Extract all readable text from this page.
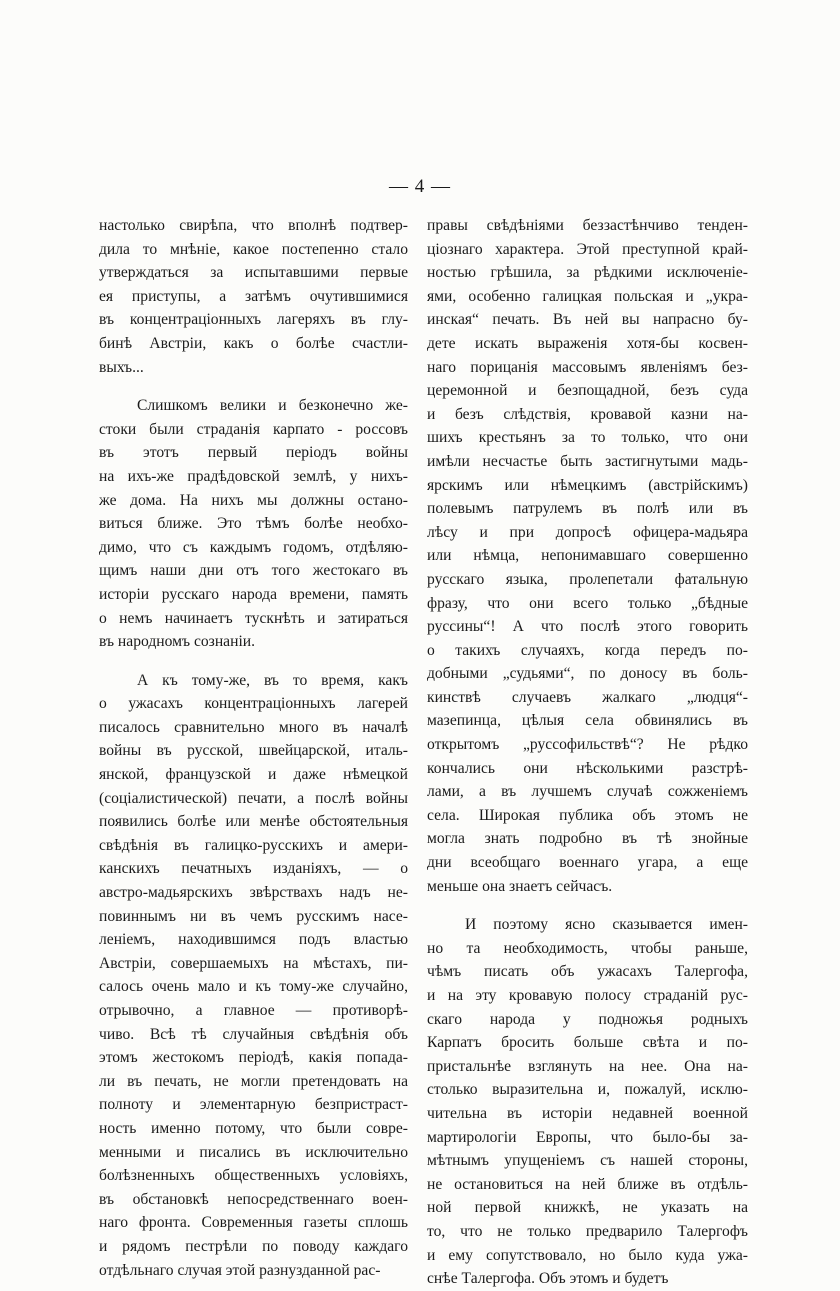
— 4 —
настолько свирѣпа, что вполнѣ подтвер-
дила то мнѣніе, какое постепенно стало
утверждаться за испытавшими первые
ея приступы, а затѣмъ очутившимися
въ концентраціонныхъ лагеряхъ въ глу-
бинѣ Австріи, какъ о болѣе счастли-
выхъ...
Слишкомъ велики и безконечно же-
стоки были страданія карпато - россовъ
въ этотъ первый періодъ войны
на ихъ-же прадѣдовской землѣ, у нихъ-
же дома. На нихъ мы должны остано-
виться ближе. Это тѣмъ болѣе необхо-
димо, что съ каждымъ годомъ, отдѣляю-
щимъ наши дни отъ того жестокаго въ
исторіи русскаго народа времени, память
о немъ начинаетъ тускнѣть и затираться
въ народномъ сознаніи.
А къ тому-же, въ то время, какъ
о ужасахъ концентраціонныхъ лагерей
писалось сравнительно много въ началѣ
войны въ русской, швейцарской, италь-
янской, французской и даже нѣмецкой
(соціалистической) печати, а послѣ войны
появились болѣе или менѣе обстоятельныя
свѣдѣнія въ галицко-русскихъ и амери-
канскихъ печатныхъ изданіяхъ, — о
австро-мадьярскихъ звѣрствахъ надъ не-
повиннымъ ни въ чемъ русскимъ насе-
леніемъ, находившимся подъ властью
Австріи, совершаемыхъ на мѣстахъ, пи-
салось очень мало и къ тому-же случайно,
отрывочно, а главное — противорѣ-
чиво. Всѣ тѣ случайныя свѣдѣнія объ
этомъ жестокомъ періодѣ, какія попада-
ли въ печать, не могли претендовать на
полноту и элементарную безпристраст-
ность именно потому, что были совре-
менными и писались въ исключительно
болѣзненныхъ общественныхъ условіяхъ,
въ обстановкѣ непосредственнаго воен-
наго фронта. Современныя газеты сплошь
и рядомъ пестрѣли по поводу каждаго
отдѣльнаго случая этой разнузданной рас-
правы свѣдѣніями беззастѣнчиво тенден-
ціознаго характера. Этой преступной край-
ностью грѣшила, за рѣдкими исключеніе-
ями, особенно галицкая польская и „укра-
инская“ печать. Въ ней вы напрасно бу-
дете искать выраженія хотя-бы косвен-
наго порицанія массовымъ явленіямъ без-
церемонной и безпощадной, безъ суда
и безъ слѣдствія, кровавой казни на-
шихъ крестьянъ за то только, что они
имѣли несчастье быть застигнутыми мадь-
ярскимъ или нѣмецкимъ (австрійскимъ)
полевымъ патрулемъ въ полѣ или въ
лѣсу и при допросѣ офицера-мадьяра
или нѣмца, непонимавшаго совершенно
русскаго языка, пролепетали фатальную
фразу, что они всего только „бѣдные
руссины“! А что послѣ этого говорить
о такихъ случаяхъ, когда передъ по-
добными „судьями“, по доносу въ боль-
кинствѣ случаевъ жалкаго „людця“-
мазепинца, цѣлыя села обвинялись въ
открытомъ „руссофильствѣ“? Не рѣдко
кончались они нѣсколькими разстрѣ-
лами, а въ лучшемъ случаѣ сожженіемъ
села. Широкая публика объ этомъ не
могла знать подробно въ тѣ знойные
дни всеобщаго военнаго угара, а еще
меньше она знаетъ сейчасъ.
И поэтому ясно сказывается имен-
но та необходимость, чтобы раньше,
чѣмъ писать объ ужасахъ Талергофа,
и на эту кровавую полосу страданій рус-
скаго народа у подножья родныхъ
Карпатъ бросить больше свѣта и по-
пристальнѣе взглянуть на нее. Она на-
столько выразительна и, пожалуй, исклю-
чительна въ исторіи недавней военной
мартирологіи Европы, что было-бы за-
мѣтнымъ упущеніемъ съ нашей стороны,
не остановиться на ней ближе въ отдѣль-
ной первой книжкѣ, не указать на
то, что не только предварило Талергофъ
и ему сопутствовало, но было куда ужа-
снѣе Талергофа. Объ этомъ и будетъ
